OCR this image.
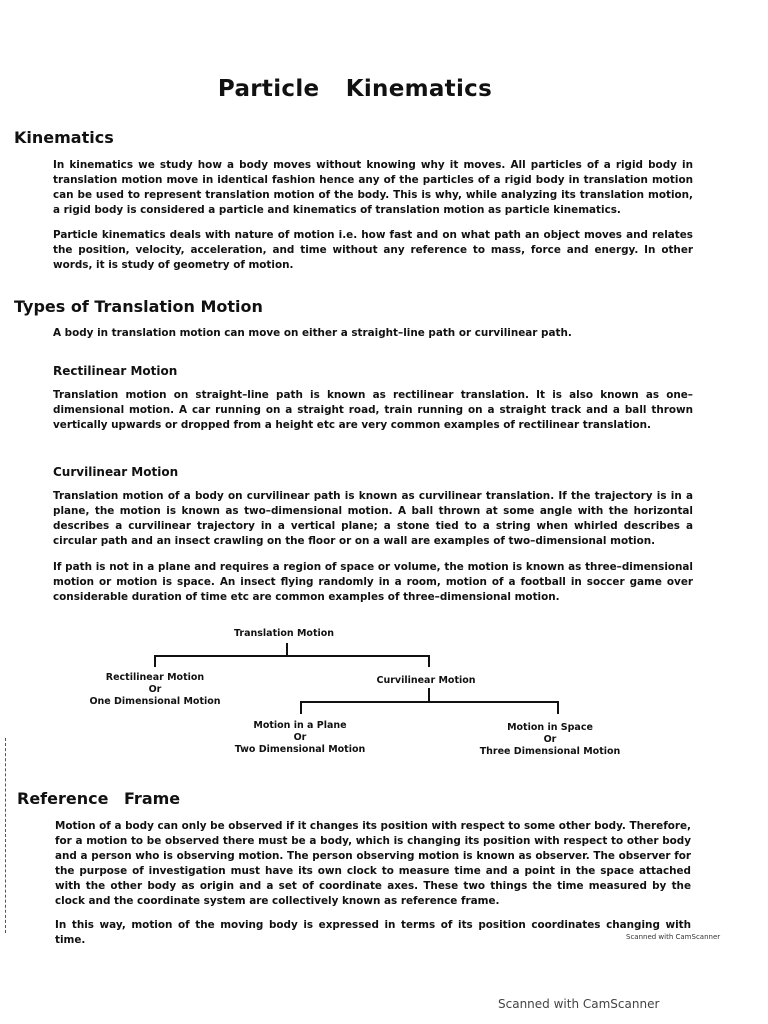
Particle Kinematics
Kinematics

In kinematics we study how a body moves without knowing why it moves. All particles of a rigid body in translation motion move in identical fashion hence any of the particles of a rigid body in translation motion can be used to represent translation motion of the body. This is why, while analyzing its translation motion, a rigid body is considered a particle and kinematics of translation motion as particle kinematics.

Particle kinematics deals with nature of motion i.e. how fast and on what path an object moves and relates the position, velocity, acceleration, and time without any reference to mass, force and energy. In other words, it is study of geometry of motion.

Types of Translation Motion

A body in translation motion can move on either a straight–line path or curvilinear path.

Rectilinear Motion

Translation motion on straight–line path is known as rectilinear translation. It is also known as one–dimensional motion. A car running on a straight road, train running on a straight track and a ball thrown vertically upwards or dropped from a height etc are very common examples of rectilinear translation.

Curvilinear Motion

Translation motion of a body on curvilinear path is known as curvilinear translation. If the trajectory is in a plane, the motion is known as two–dimensional motion. A ball thrown at some angle with the horizontal describes a curvilinear trajectory in a vertical plane; a stone tied to a string when whirled describes a circular path and an insect crawling on the floor or on a wall are examples of two–dimensional motion.

If path is not in a plane and requires a region of space or volume, the motion is known as three–dimensional motion or motion is space. An insect flying randomly in a room, motion of a football in soccer game over considerable duration of time etc are common examples of three–dimensional motion.

Translation Motion
Rectilinear Motion
Or
One Dimensional Motion
Curvilinear Motion
Motion in a Plane
Or
Two Dimensional Motion
Motion in Space
Or
Three Dimensional Motion
Reference Frame

Motion of a body can only be observed if it changes its position with respect to some other body. Therefore, for a motion to be observed there must be a body, which is changing its position with respect to other body and a person who is observing motion. The person observing motion is known as observer. The observer for the purpose of investigation must have its own clock to measure time and a point in the space attached with the other body as origin and a set of coordinate axes. These two things the time measured by the clock and the coordinate system are collectively known as reference frame.

In this way, motion of the moving body is expressed in terms of its position coordinates changing with time.	Scanned with CamScanner
Scanned with CamScanner
